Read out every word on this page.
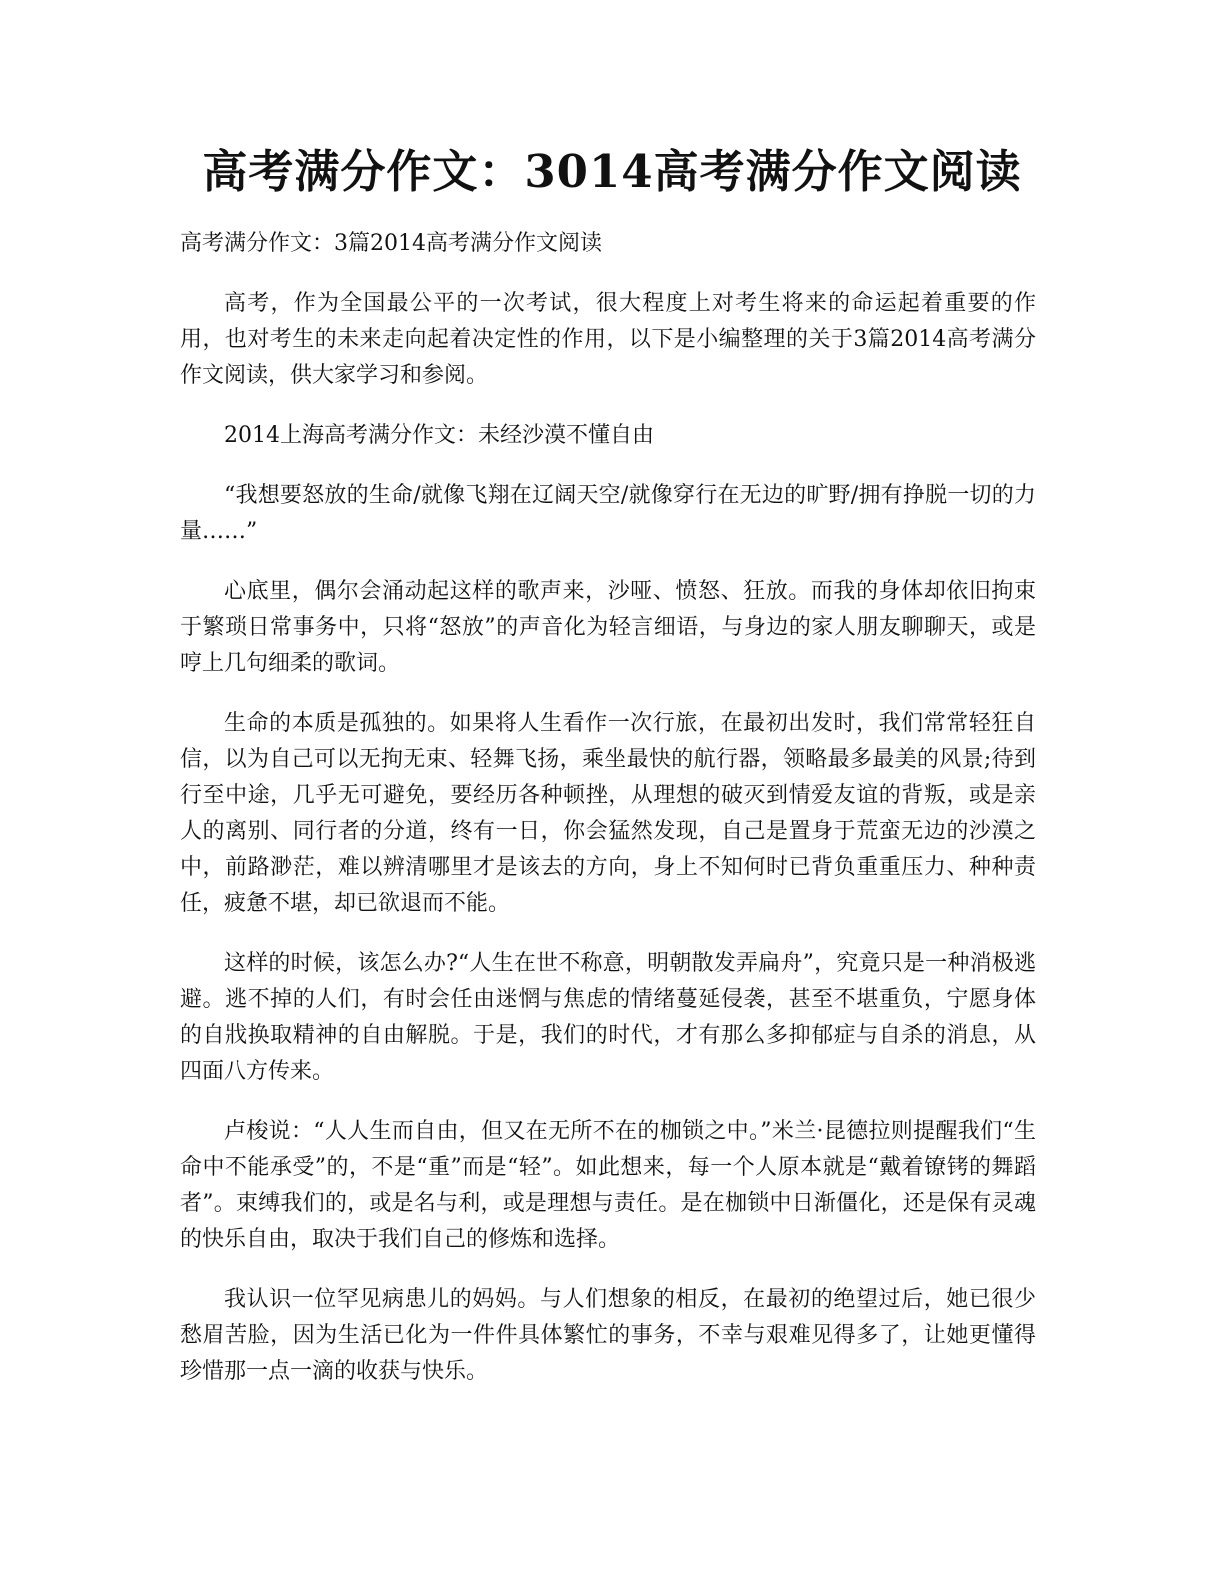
高考满分作文：3014高考满分作文阅读

高考满分作文：3篇2014高考满分作文阅读

高考，作为全国最公平的一次考试，很大程度上对考生将来的命运起着重要的作用，也对考生的未来走向起着决定性的作用，以下是小编整理的关于3篇2014高考满分作文阅读，供大家学习和参阅。

2014上海高考满分作文：未经沙漠不懂自由

“我想要怒放的生命/就像飞翔在辽阔天空/就像穿行在无边的旷野/拥有挣脱一切的力量……”

心底里，偶尔会涌动起这样的歌声来，沙哑、愤怒、狂放。而我的身体却依旧拘束于繁琐日常事务中，只将“怒放”的声音化为轻言细语，与身边的家人朋友聊聊天，或是哼上几句细柔的歌词。

生命的本质是孤独的。如果将人生看作一次行旅，在最初出发时，我们常常轻狂自信，以为自己可以无拘无束、轻舞飞扬，乘坐最快的航行器，领略最多最美的风景;待到行至中途，几乎无可避免，要经历各种顿挫，从理想的破灭到情爱友谊的背叛，或是亲人的离别、同行者的分道，终有一日，你会猛然发现，自己是置身于荒蛮无边的沙漠之中，前路渺茫，难以辨清哪里才是该去的方向，身上不知何时已背负重重压力、种种责任，疲惫不堪，却已欲退而不能。

这样的时候，该怎么办?“人生在世不称意，明朝散发弄扁舟”，究竟只是一种消极逃避。逃不掉的人们，有时会任由迷惘与焦虑的情绪蔓延侵袭，甚至不堪重负，宁愿身体的自戕换取精神的自由解脱。于是，我们的时代，才有那么多抑郁症与自杀的消息，从四面八方传来。

卢梭说：“人人生而自由，但又在无所不在的枷锁之中。”米兰·昆德拉则提醒我们“生命中不能承受”的，不是“重”而是“轻”。如此想来，每一个人原本就是“戴着镣铐的舞蹈者”。束缚我们的，或是名与利，或是理想与责任。是在枷锁中日渐僵化，还是保有灵魂的快乐自由，取决于我们自己的修炼和选择。

我认识一位罕见病患儿的妈妈。与人们想象的相反，在最初的绝望过后，她已很少愁眉苦脸，因为生活已化为一件件具体繁忙的事务，不幸与艰难见得多了，让她更懂得珍惜那一点一滴的收获与快乐。
